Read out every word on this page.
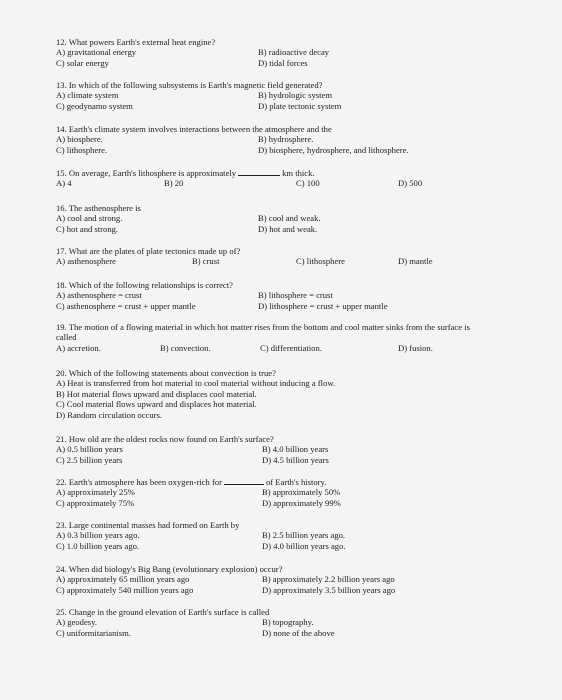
12. What powers Earth's external heat engine?
A) gravitational energy	B) radioactive decay
C) solar energy	D) tidal forces
13. In which of the following subsystems is Earth's magnetic field generated?
A) climate system	B) hydrologic system
C) geodynamo system	D) plate tectonic system
14. Earth's climate system involves interactions between the atmosphere and the
A) biosphere.	B) hydrosphere.
C) lithosphere.	D) biosphere, hydrosphere, and lithosphere.
15. On average, Earth's lithosphere is approximately	km thick.
A) 4	B) 20	C) 100	D) 500
16. The asthenosphere is
A) cool and strong.	B) cool and weak.
C) hot and strong.	D) hot and weak.
17. What are the plates of plate tectonics made up of?
A) asthenosphere	B) crust	C) lithosphere	D) mantle
18. Which of the following relationships is correct?
A) asthenosphere = crust	B) lithosphere = crust
C) asthenosphere = crust + upper mantle	D) lithosphere = crust + upper mantle
19. The motion of a flowing material in which hot matter rises from the bottom and cool matter sinks from the surface is called
A) accretion.	B) convection.	C) differentiation.	D) fusion.
20. Which of the following statements about convection is true?
A) Heat is transferred from hot material to cool material without inducing a flow.
B) Hot material flows upward and displaces cool material.
C) Cool material flows upward and displaces hot material.
D) Random circulation occurs.
21. How old are the oldest rocks now found on Earth's surface?
A) 0.5 billion years	B) 4.0 billion years
C) 2.5 billion years	D) 4.5 billion years
22. Earth's atmosphere has been oxygen-rich for	of Earth's history.
A) approximately 25%	B) approximately 50%
C) approximately 75%	D) approximately 99%
23. Large continental masses had formed on Earth by
A) 0.3 billion years ago.	B) 2.5 billion years ago.
C) 1.0 billion years ago.	D) 4.0 billion years ago.
24. When did biology's Big Bang (evolutionary explosion) occur?
A) approximately 65 million years ago	B) approximately 2.2 billion years ago
C) approximately 540 million years ago	D) approximately 3.5 billion years ago
25. Change in the ground elevation of Earth's surface is called
A) geodesy.	B) topography.
C) uniformitarianism.	D) none of the above
